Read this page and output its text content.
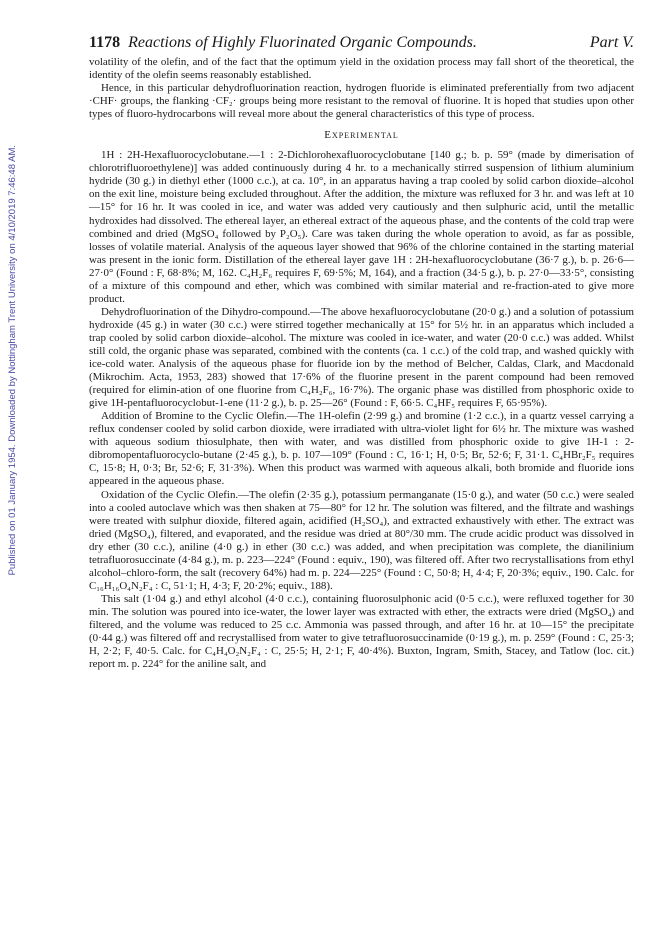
Published on 01 January 1954. Downloaded by Nottingham Trent University on 4/10/2019 7:46:48 AM.
1178 Reactions of Highly Fluorinated Organic Compounds.	Part V.

volatility of the olefin, and of the fact that the optimum yield in the oxidation process may fall short of the theoretical, the identity of the olefin seems reasonably established.

Hence, in this particular dehydrofluorination reaction, hydrogen fluoride is eliminated preferentially from two adjacent ·CHF· groups, the flanking ·CF₂· groups being more resistant to the removal of fluorine. It is hoped that studies upon other types of fluoro-hydrocarbons will reveal more about the general characteristics of this type of process.

Experimental

1H : 2H-Hexafluorocyclobutane.—1 : 2-Dichlorohexafluorocyclobutane [140 g.; b. p. 59° (made by dimerisation of chlorotrifluoroethylene)] was added continuously during 4 hr. to a mechanically stirred suspension of lithium aluminium hydride (30 g.) in diethyl ether (1000 c.c.), at ca. 10°, in an apparatus having a trap cooled by solid carbon dioxide–alcohol on the exit line, moisture being excluded throughout. After the addition, the mixture was refluxed for 3 hr. and was left at 10—15° for 16 hr. It was cooled in ice, and water was added very cautiously and then sulphuric acid, until the metallic hydroxides had dissolved. The ethereal layer, an ethereal extract of the aqueous phase, and the contents of the cold trap were combined and dried (MgSO₄ followed by P₂O₅). Care was taken during the whole operation to avoid, as far as possible, losses of volatile material. Analysis of the aqueous layer showed that 96% of the chlorine contained in the starting material was present in the ionic form. Distillation of the ethereal layer gave 1H : 2H-hexafluorocyclobutane (36·7 g.), b. p. 26·6—27·0° (Found : F, 68·8%; M, 162. C₄H₂F₆ requires F, 69·5%; M, 164), and a fraction (34·5 g.), b. p. 27·0—33·5°, consisting of a mixture of this compound and ether, which was combined with similar material and re-fraction-ated to give more product.

Dehydrofluorination of the Dihydro-compound.—The above hexafluorocyclobutane (20·0 g.) and a solution of potassium hydroxide (45 g.) in water (30 c.c.) were stirred together mechanically at 15° for 5½ hr. in an apparatus which included a trap cooled by solid carbon dioxide–alcohol. The mixture was cooled in ice-water, and water (20·0 c.c.) was added. Whilst still cold, the organic phase was separated, combined with the contents (ca. 1 c.c.) of the cold trap, and washed quickly with ice-cold water. Analysis of the aqueous phase for fluoride ion by the method of Belcher, Caldas, Clark, and Macdonald (Mikrochim. Acta, 1953, 283) showed that 17·6% of the fluorine present in the parent compound had been removed (required for elimin-ation of one fluorine from C₄H₂F₆, 16·7%). The organic phase was distilled from phosphoric oxide to give 1H-pentafluorocyclobut-1-ene (11·2 g.), b. p. 25—26° (Found : F, 66·5. C₄HF₅ requires F, 65·95%).

Addition of Bromine to the Cyclic Olefin.—The 1H-olefin (2·99 g.) and bromine (1·2 c.c.), in a quartz vessel carrying a reflux condenser cooled by solid carbon dioxide, were irradiated with ultra-violet light for 6½ hr. The mixture was washed with aqueous sodium thiosulphate, then with water, and was distilled from phosphoric oxide to give 1H-1 : 2-dibromopentafluorocyclo-butane (2·45 g.), b. p. 107—109° (Found : C, 16·1; H, 0·5; Br, 52·6; F, 31·1. C₄HBr₂F₅ requires C, 15·8; H, 0·3; Br, 52·6; F, 31·3%). When this product was warmed with aqueous alkali, both bromide and fluoride ions appeared in the aqueous phase.

Oxidation of the Cyclic Olefin.—The olefin (2·35 g.), potassium permanganate (15·0 g.), and water (50 c.c.) were sealed into a cooled autoclave which was then shaken at 75—80° for 12 hr. The solution was filtered, and the filtrate and washings were treated with sulphur dioxide, filtered again, acidified (H₂SO₄), and extracted exhaustively with ether. The extract was dried (MgSO₄), filtered, and evaporated, and the residue was dried at 80°/30 mm. The crude acidic product was dissolved in dry ether (30 c.c.), aniline (4·0 g.) in ether (30 c.c.) was added, and when precipitation was complete, the dianilinium tetrafluorosuccinate (4·84 g.), m. p. 223—224° (Found : equiv., 190), was filtered off. After two recrystallisations from ethyl alcohol–chloro-form, the salt (recovery 64%) had m. p. 224—225° (Found : C, 50·8; H, 4·4; F, 20·3%; equiv., 190. Calc. for C₁₆H₁₆O₄N₂F₄ : C, 51·1; H, 4·3; F, 20·2%; equiv., 188).

This salt (1·04 g.) and ethyl alcohol (4·0 c.c.), containing fluorosulphonic acid (0·5 c.c.), were refluxed together for 30 min. The solution was poured into ice-water, the lower layer was extracted with ether, the extracts were dried (MgSO₄) and filtered, and the volume was reduced to 25 c.c. Ammonia was passed through, and after 16 hr. at 10—15° the precipitate (0·44 g.) was filtered off and recrystallised from water to give tetrafluorosuccinamide (0·19 g.), m. p. 259° (Found : C, 25·3; H, 2·2; F, 40·5. Calc. for C₄H₄O₂N₂F₄ : C, 25·5; H, 2·1; F, 40·4%). Buxton, Ingram, Smith, Stacey, and Tatlow (loc. cit.) report m. p. 224° for the aniline salt, and
